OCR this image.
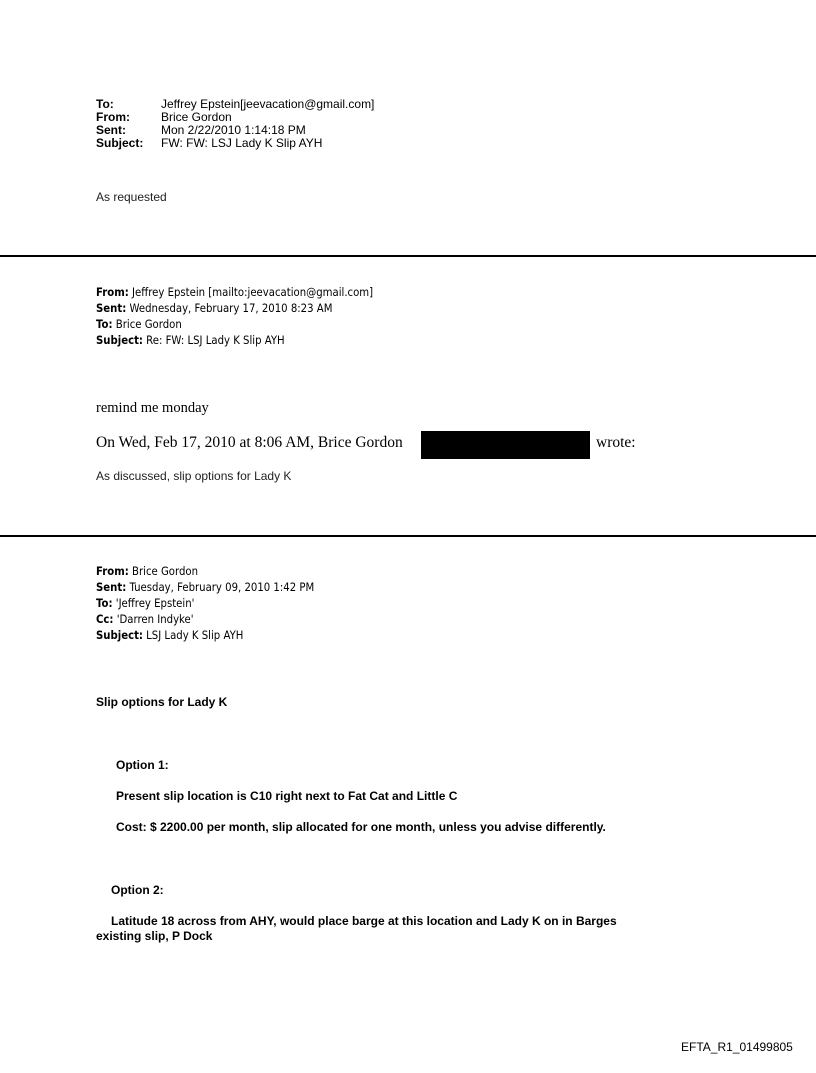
To:	Jeffrey Epstein[jeevacation@gmail.com]
From:	Brice Gordon
Sent:	Mon 2/22/2010 1:14:18 PM
Subject: FW: FW: LSJ Lady K Slip AYH
As requested
From: Jeffrey Epstein [mailto:jeevacation@gmail.com]
Sent: Wednesday, February 17, 2010 8:23 AM
To: Brice Gordon
Subject: Re: FW: LSJ Lady K Slip AYH
remind me monday
On Wed, Feb 17, 2010 at 8:06 AM, Brice Gordon	wrote:
As discussed, slip options for Lady K
From: Brice Gordon
Sent: Tuesday, February 09, 2010 1:42 PM
To: 'Jeffrey Epstein'
Cc: 'Darren Indyke'
Subject: LSJ Lady K Slip AYH
Slip options for Lady K
Option 1:
Present slip location is C10 right next to Fat Cat and Little C
Cost: $ 2200.00 per month, slip allocated for one month, unless you advise differently.
Option 2:
Latitude 18 across from AHY, would place barge at this location and Lady K on in Barges
existing slip, P Dock
EFTA_R1_01499805
